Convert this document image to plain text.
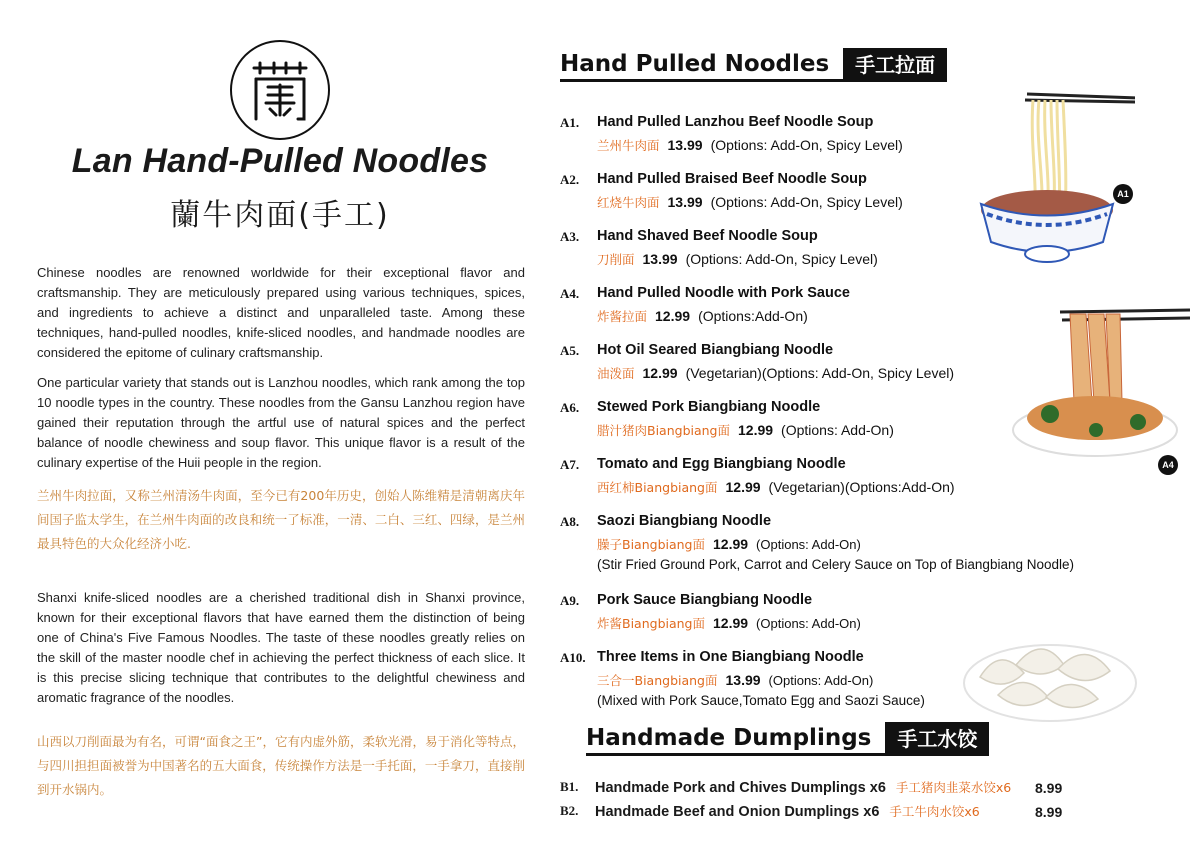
Lan Hand-Pulled Noodles
蘭牛肉面(手工)

Chinese noodles are renowned worldwide for their exceptional flavor and craftsmanship. They are meticulously prepared using various techniques, spices, and ingredients to achieve a distinct and unparalleled taste. Among these techniques, hand-pulled noodles, knife-sliced noodles, and handmade noodles are considered the epitome of culinary craftsmanship.

One particular variety that stands out is Lanzhou noodles, which rank among the top 10 noodle types in the country. These noodles from the Gansu Lanzhou region have gained their reputation through the artful use of natural spices and the perfect balance of noodle chewiness and soup flavor. This unique flavor is a result of the culinary expertise of the Huii people in the region.

兰州牛肉拉面，又称兰州清汤牛肉面，至今已有200年历史，创始人陈维精是清朝离庆年间国子监太学生，在兰州牛肉面的改良和统一了标准，一清、二白、三红、四绿，是兰州最具特色的大众化经济小吃.

Shanxi knife-sliced noodles are a cherished traditional dish in Shanxi province, known for their exceptional flavors that have earned them the distinction of being one of China's Five Famous Noodles. The taste of these noodles greatly relies on the skill of the master noodle chef in achieving the perfect thickness of each slice. It is this precise slicing technique that contributes to the delightful chewiness and aromatic fragrance of the noodles.

山西以刀削面最为有名，可谓“面食之王”，它有内虚外筋，柔软光滑，易于消化等特点，与四川担担面被誉为中国著名的五大面食，传统操作方法是一手托面，一手拿刀，直接削到开水锅内。

Hand Pulled Noodles	手工拉面
A1. Hand Pulled Lanzhou Beef Noodle Soup
兰州牛肉面 13.99 (Options: Add-On, Spicy Level)
A2. Hand Pulled Braised Beef Noodle Soup
红烧牛肉面 13.99 (Options: Add-On, Spicy Level)
A3. Hand Shaved Beef Noodle Soup
刀削面 13.99 (Options: Add-On, Spicy Level)
A4. Hand Pulled Noodle with Pork Sauce
炸酱拉面 12.99 (Options:Add-On)
A5. Hot Oil Seared Biangbiang Noodle
油泼面 12.99 (Vegetarian)(Options: Add-On, Spicy Level)
A6. Stewed Pork Biangbiang Noodle
腊汁猪肉Biangbiang面 12.99 (Options: Add-On)
A7. Tomato and Egg Biangbiang Noodle
西红柿Biangbiang面 12.99 (Vegetarian)(Options:Add-On)
A8. Saozi Biangbiang Noodle
臊子Biangbiang面 12.99 (Options: Add-On)
(Stir Fried Ground Pork, Carrot and Celery Sauce on Top of Biangbiang Noodle)
A9. Pork Sauce Biangbiang Noodle
炸酱Biangbiang面 12.99 (Options: Add-On)
A10. Three Items in One Biangbiang Noodle
三合一Biangbiang面 13.99 (Options: Add-On)
(Mixed with Pork Sauce,Tomato Egg and Saozi Sauce)
Handmade Dumplings	手工水饺
B1. Handmade Pork and Chives Dumplings x6 手工猪肉韭菜水饺x6 8.99
B2. Handmade Beef and Onion Dumplings x6 手工牛肉水饺x6	8.99
A1
A4
